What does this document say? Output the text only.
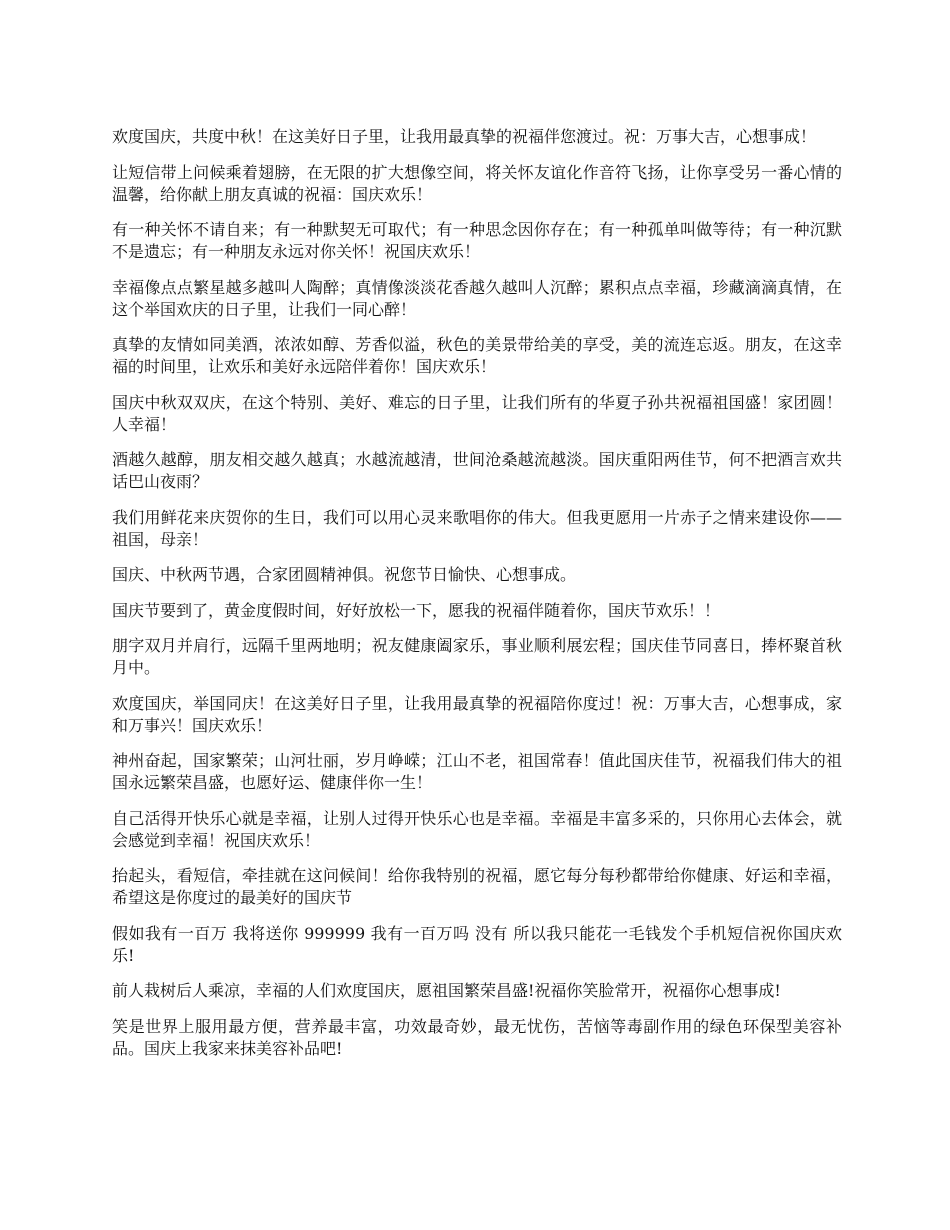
欢度国庆，共度中秋！在这美好日子里，让我用最真挚的祝福伴您渡过。祝：万事大吉，心想事成！

让短信带上问候乘着翅膀，在无限的扩大想像空间，将关怀友谊化作音符飞扬，让你享受另一番心情的温馨，给你献上朋友真诚的祝福：国庆欢乐！

有一种关怀不请自来；有一种默契无可取代；有一种思念因你存在；有一种孤单叫做等待；有一种沉默不是遗忘；有一种朋友永远对你关怀！祝国庆欢乐！

幸福像点点繁星越多越叫人陶醉；真情像淡淡花香越久越叫人沉醉；累积点点幸福，珍藏滴滴真情，在这个举国欢庆的日子里，让我们一同心醉！

真挚的友情如同美酒，浓浓如醇、芳香似溢，秋色的美景带给美的享受，美的流连忘返。朋友，在这幸福的时间里，让欢乐和美好永远陪伴着你！国庆欢乐！

国庆中秋双双庆，在这个特别、美好、难忘的日子里，让我们所有的华夏子孙共祝福祖国盛！家团圆！人幸福！

酒越久越醇，朋友相交越久越真；水越流越清，世间沧桑越流越淡。国庆重阳两佳节，何不把酒言欢共话巴山夜雨？

我们用鲜花来庆贺你的生日，我们可以用心灵来歌唱你的伟大。但我更愿用一片赤子之情来建设你——祖国，母亲！

国庆、中秋两节遇，合家团圆精神俱。祝您节日愉快、心想事成。

国庆节要到了，黄金度假时间，好好放松一下，愿我的祝福伴随着你，国庆节欢乐！！

朋字双月并肩行，远隔千里两地明；祝友健康阖家乐，事业顺利展宏程；国庆佳节同喜日，捧杯聚首秋月中。

欢度国庆，举国同庆！在这美好日子里，让我用最真挚的祝福陪你度过！祝：万事大吉，心想事成，家和万事兴！国庆欢乐！

神州奋起，国家繁荣；山河壮丽，岁月峥嵘；江山不老，祖国常春！值此国庆佳节，祝福我们伟大的祖国永远繁荣昌盛，也愿好运、健康伴你一生！

自己活得开快乐心就是幸福，让别人过得开快乐心也是幸福。幸福是丰富多采的，只你用心去体会，就会感觉到幸福！祝国庆欢乐！

抬起头，看短信，牵挂就在这问候间！给你我特别的祝福，愿它每分每秒都带给你健康、好运和幸福，希望这是你度过的最美好的国庆节

假如我有一百万 我将送你 999999 我有一百万吗 没有 所以我只能花一毛钱发个手机短信祝你国庆欢乐!

前人栽树后人乘凉，幸福的人们欢度国庆，愿祖国繁荣昌盛!祝福你笑脸常开，祝福你心想事成!

笑是世界上服用最方便，营养最丰富，功效最奇妙，最无忧伤，苦恼等毒副作用的绿色环保型美容补品。国庆上我家来抹美容补品吧!
